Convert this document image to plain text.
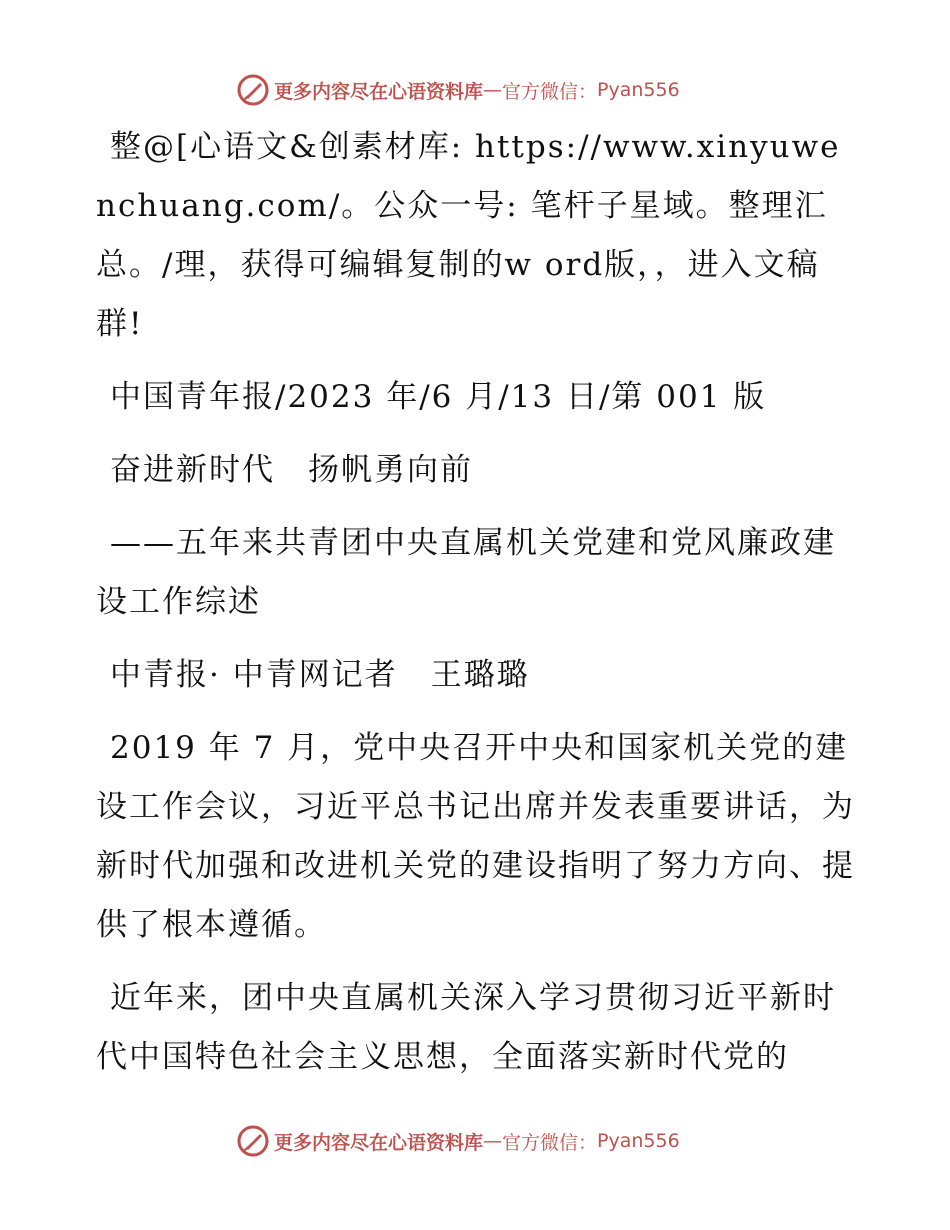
更多内容尽在心语资料库 — 官方微信： Pyan556

整@[心语文&创素材库: https://www.xinyuwenchuang.com/。公众一号: 笔杆子星域。整理汇总。/理，获得可编辑复制的w ord版，，进入文稿群!

中国青年报/2023 年/6 月/13 日/第 001 版

奋进新时代　扬帆勇向前

——五年来共青团中央直属机关党建和党风廉政建设工作综述

中青报· 中青网记者　王璐璐

2019 年 7 月，党中央召开中央和国家机关党的建设工作会议，习近平总书记出席并发表重要讲话，为新时代加强和改进机关党的建设指明了努力方向、提供了根本遵循。

近年来，团中央直属机关深入学习贯彻习近平新时代中国特色社会主义思想，全面落实新时代党的

更多内容尽在心语资料库 — 官方微信： Pyan556
